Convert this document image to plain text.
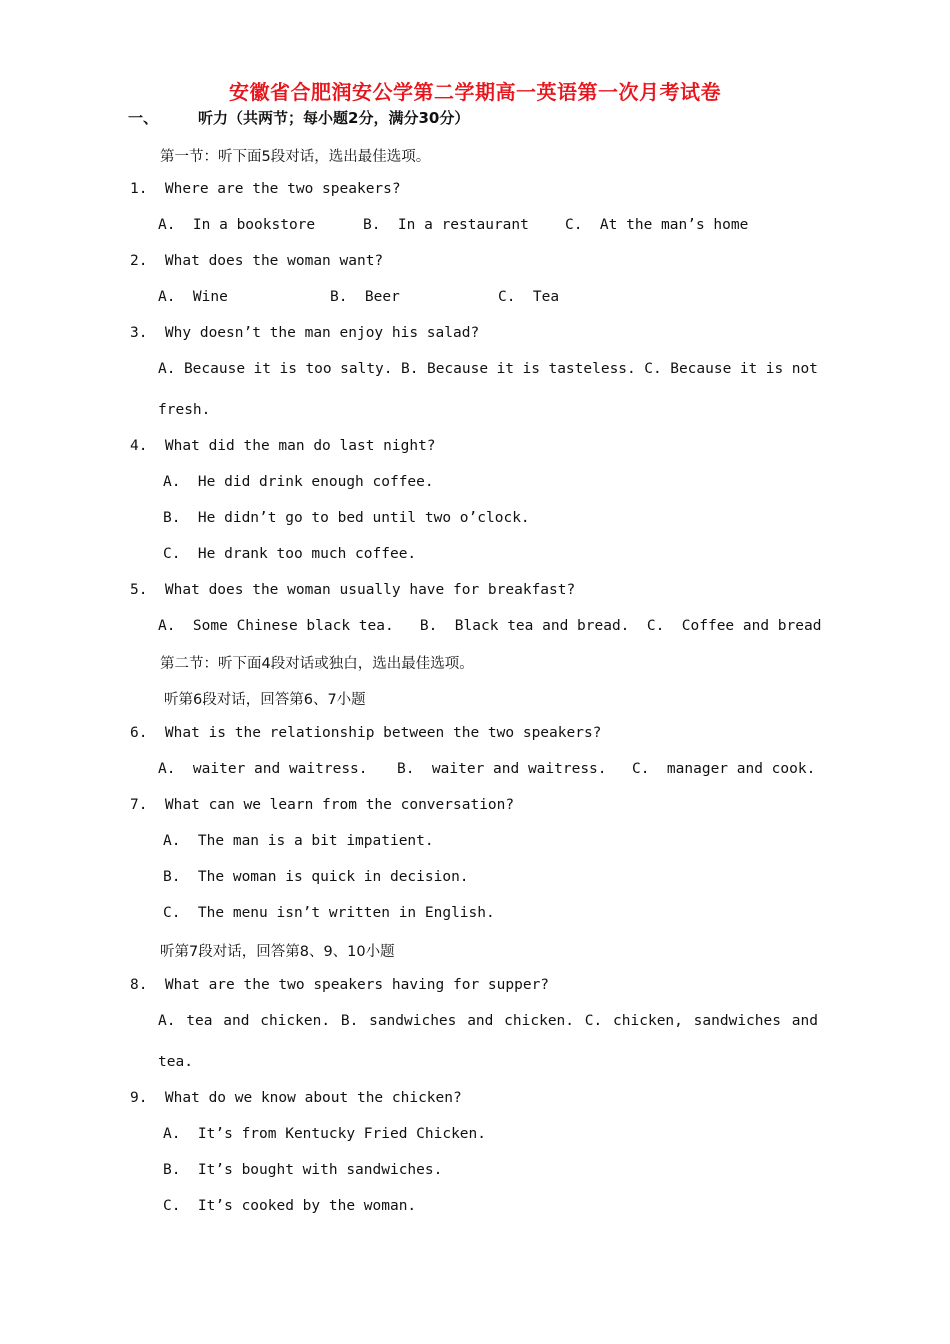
安徽省合肥润安公学第二学期高一英语第一次月考试卷
一、	听力（共两节；每小题2分，满分30分）
第一节：听下面5段对话，选出最佳选项。
1.  Where are the two speakers?
A.  In a bookstore	B.  In a restaurant C.  At the man’s home
2.  What does the woman want?
A.  Wine	B.  Beer	C.  Tea
3.  Why doesn’t the man enjoy his salad?
A. Because it is too salty. B. Because it is tasteless. C. Because it is not
fresh.
4.  What did the man do last night?
A.  He did drink enough coffee.
B.  He didn’t go to bed until two o’clock.
C.  He drank too much coffee.
5.  What does the woman usually have for breakfast?
A.  Some Chinese black tea.   B.  Black tea and bread.  C.  Coffee and bread
第二节：听下面4段对话或独白，选出最佳选项。
听第6段对话，回答第6、7小题
6.  What is the relationship between the two speakers?
A.  waiter and waitress. B.  waiter and waitress. C.  manager and cook.
7.  What can we learn from the conversation?
A.  The man is a bit impatient.
B.  The woman is quick in decision.
C.  The menu isn’t written in English.
听第7段对话，回答第8、9、10小题
8.  What are the two speakers having for supper?
A. tea and chicken. B. sandwiches and chicken. C. chicken, sandwiches and
tea.
9.  What do we know about the chicken?
A.  It’s from Kentucky Fried Chicken.
B.  It’s bought with sandwiches.
C.  It’s cooked by the woman.
